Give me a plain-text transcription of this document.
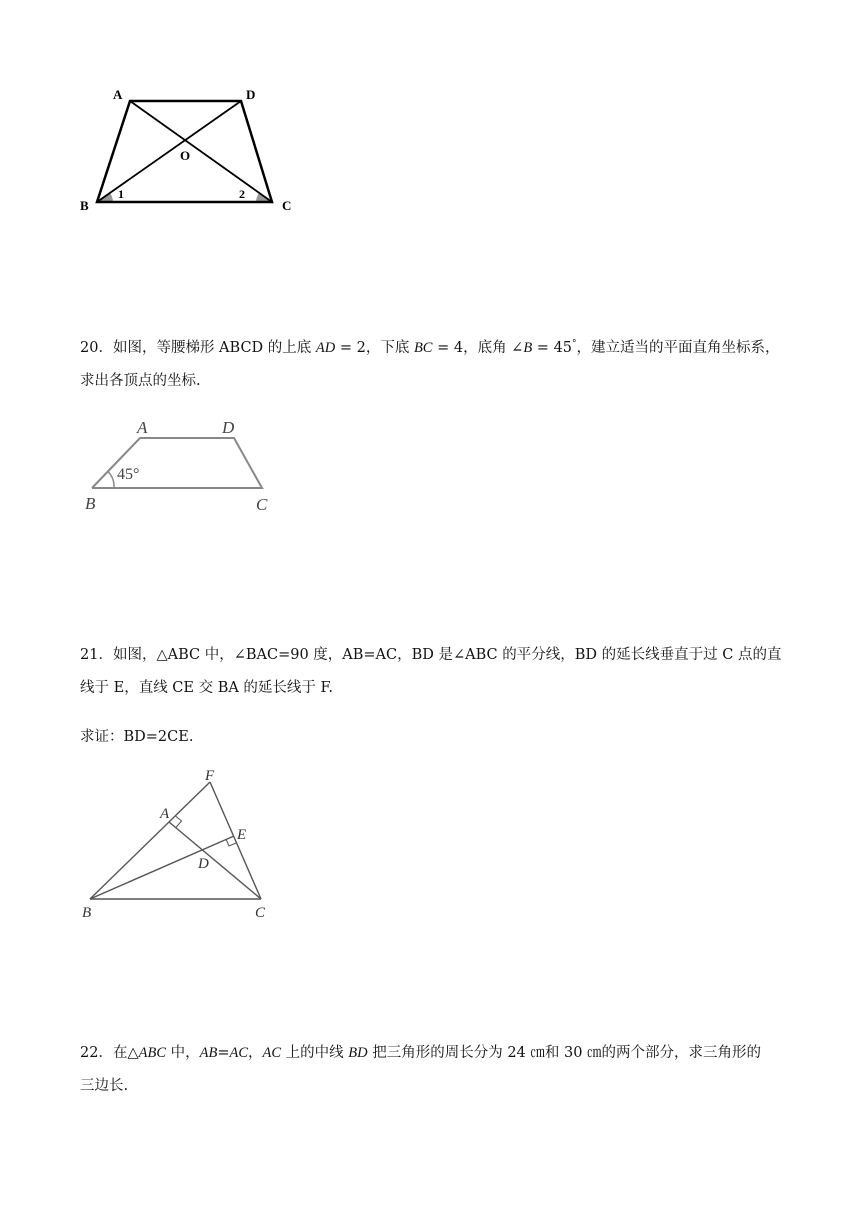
A	D
O
B	C
1	2
20．如图，等腰梯形 ABCD 的上底 AD = 2，下底 BC = 4，底角 ∠B = 45°，建立适当的平面直角坐标系，
求出各顶点的坐标.
A	D
B	C
45°
21．如图，△ABC 中，∠BAC=90 度，AB=AC，BD 是∠ABC 的平分线，BD 的延长线垂直于过 C 点的直
线于 E，直线 CE 交 BA 的延长线于 F.
求证：BD=2CE.
F
A
E
D
B	C
22．在△ABC 中，AB=AC，AC 上的中线 BD 把三角形的周长分为 24 ㎝和 30 ㎝的两个部分，求三角形的
三边长.
